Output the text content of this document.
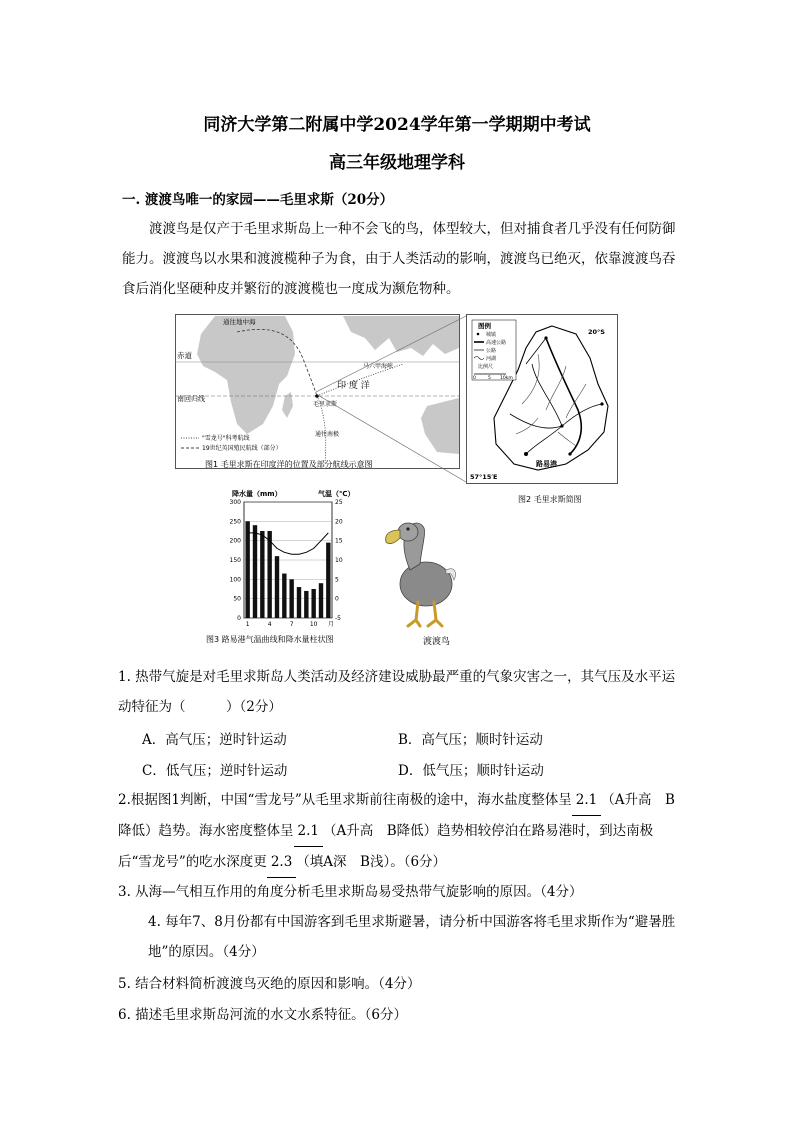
同济大学第二附属中学2024学年第一学期期中考试
高三年级地理学科
一. 渡渡鸟唯一的家园——毛里求斯（20分）
渡渡鸟是仅产于毛里求斯岛上一种不会飞的鸟，体型较大，但对捕食者几乎没有任何防御能力。渡渡鸟以水果和渡渡榄种子为食，由于人类活动的影响，渡渡鸟已绝灭，依靠渡渡鸟吞食后消化坚硬种皮并繁衍的渡渡榄也一度成为濒危物种。
通往地中海
赤道
南回归线
印 度 洋
马六甲海峡
毛里求斯
通往南极
"雪龙号"科考航线
19世纪英国殖民航线（部分）
图1 毛里求斯在印度洋的位置及部分航线示意图
图例
城镇
高速公路
公路
河湖
比例尺
0	5 10km
20°S
57°15′E
路易港
图2 毛里求斯简图
降水量（mm）	气温（℃）
0
50
100
150
200
250
300
-5
0
5
10
15
20
25
1	4	7	10 月
图3 路易港气温曲线和降水量柱状图	渡渡鸟
1. 热带气旋是对毛里求斯岛人类活动及经济建设威胁最严重的气象灾害之一，其气压及水平运动特征为（　　　）（2分）
A．高气压；逆时针运动	B．高气压；顺时针运动
C．低气压；逆时针运动	D．低气压；顺时针运动
2.根据图1判断，中国“雪龙号”从毛里求斯前往南极的途中，海水盐度整体呈 2.1 （A升高　B降低）趋势。海水密度整体呈 2.1 （A升高　B降低）趋势相较停泊在路易港时，到达南极后“雪龙号”的吃水深度更 2.3 （填A深　B浅）。（6分）
3. 从海—气相互作用的角度分析毛里求斯岛易受热带气旋影响的原因。（4分）
4. 每年7、8月份都有中国游客到毛里求斯避暑，请分析中国游客将毛里求斯作为“避暑胜地”的原因。（4分）
5. 结合材料简析渡渡鸟灭绝的原因和影响。（4分）
6. 描述毛里求斯岛河流的水文水系特征。（6分）
